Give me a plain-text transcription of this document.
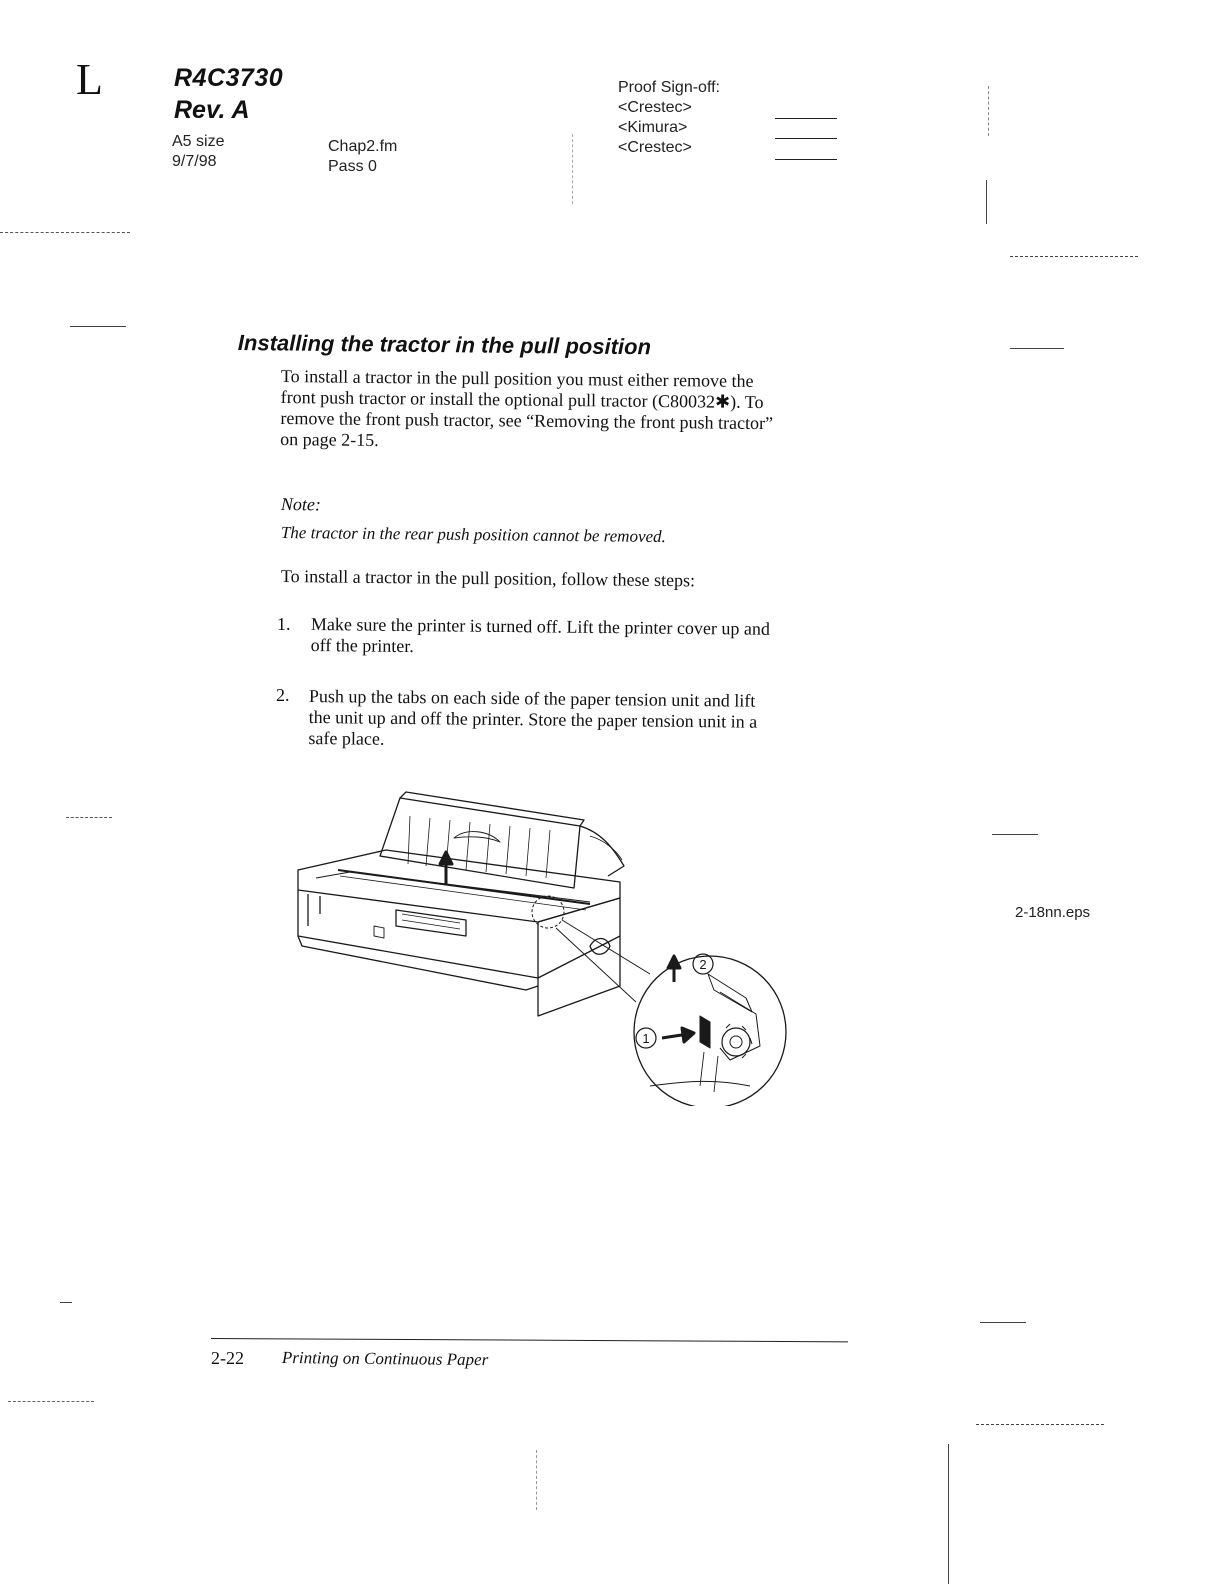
L	R4C3730
Rev. A
A5 size
9/7/98
Chap2.fm
Pass 0
Proof Sign-off:
<Crestec>
<Kimura>
<Crestec>
Installing the tractor in the pull position
To install a tractor in the pull position you must either remove the
front push tractor or install the optional pull tractor (C80032✱). To
remove the front push tractor, see “Removing the front push tractor”
on page 2-15.
Note:
The tractor in the rear push position cannot be removed.
To install a tractor in the pull position, follow these steps:
1. Make sure the printer is turned off. Lift the printer cover up and
off the printer.
2. Push up the tabs on each side of the paper tension unit and lift
the unit up and off the printer. Store the paper tension unit in a
safe place.
2
1
2-18nn.eps
2-22 Printing on Continuous Paper
